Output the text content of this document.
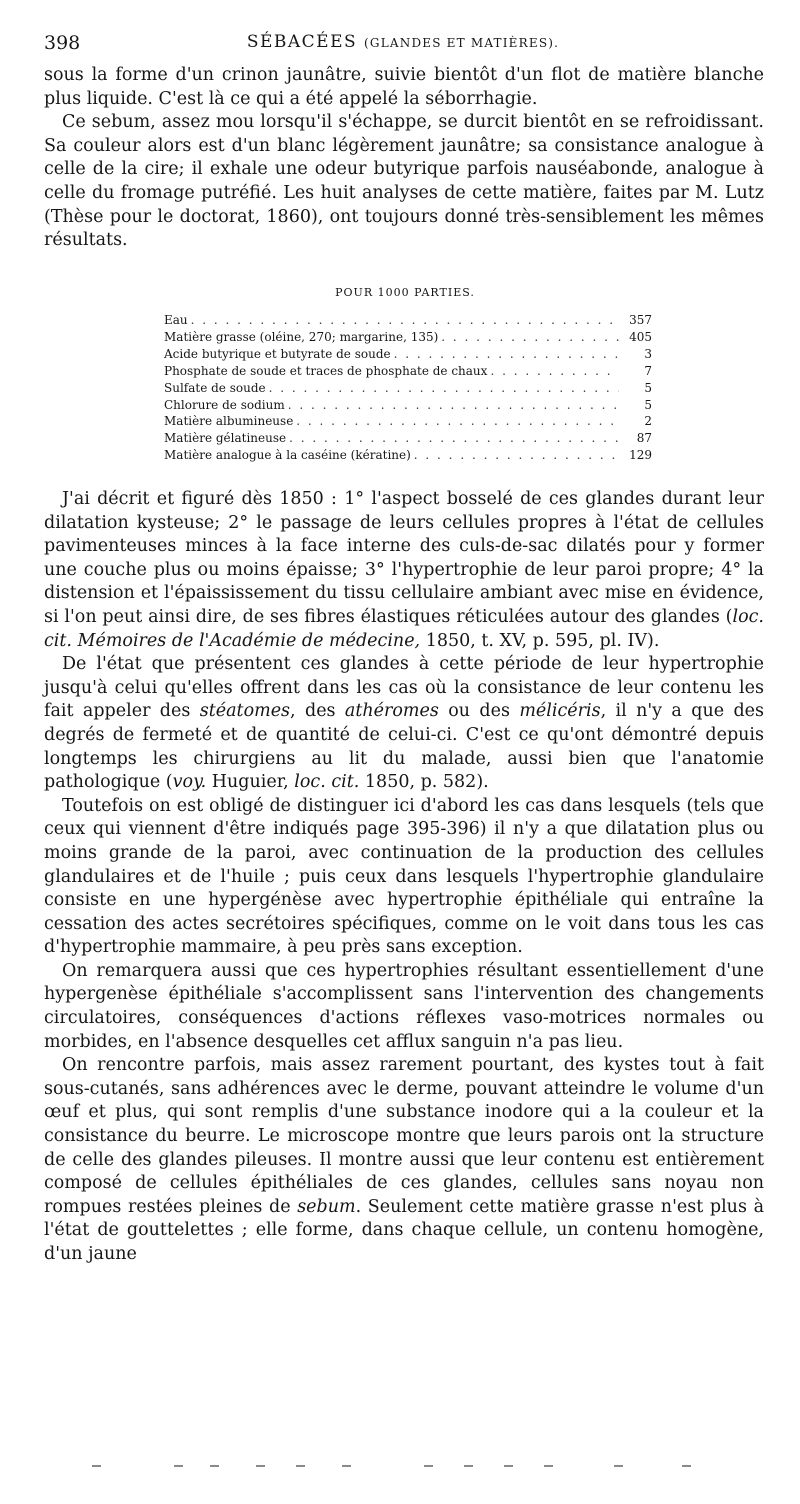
398	SÉBACÉES (GLANDES ET MATIÈRES).

sous la forme d'un crinon jaunâtre, suivie bientôt d'un flot de matière blanche plus liquide. C'est là ce qui a été appelé la séborrhagie.

Ce sebum, assez mou lorsqu'il s'échappe, se durcit bientôt en se refroidissant. Sa couleur alors est d'un blanc légèrement jaunâtre; sa consistance analogue à celle de la cire; il exhale une odeur butyrique parfois nauséabonde, analogue à celle du fromage putréfié. Les huit analyses de cette matière, faites par M. Lutz (Thèse pour le doctorat, 1860), ont toujours donné très-sensiblement les mêmes résultats.

POUR 1000 PARTIES.
Eau . . .	357
Matière grasse (oléine, 270; margarine, 135) . . .	405
Acide butyrique et butyrate de soude . . .	3
Phosphate de soude et traces de phosphate de chaux . . .	7
Sulfate de soude . . .	5
Chlorure de sodium . . .	5
Matière albumineuse . . .	2
Matière gélatineuse . . .	87
Matière analogue à la caséine (kératine) . . .	129

J'ai décrit et figuré dès 1850 : 1° l'aspect bosselé de ces glandes durant leur dilatation kysteuse; 2° le passage de leurs cellules propres à l'état de cellules pavimenteuses minces à la face interne des culs-de-sac dilatés pour y former une couche plus ou moins épaisse; 3° l'hypertrophie de leur paroi propre; 4° la distension et l'épaississement du tissu cellulaire ambiant avec mise en évidence, si l'on peut ainsi dire, de ses fibres élastiques réticulées autour des glandes (loc. cit. Mémoires de l'Académie de médecine, 1850, t. XV, p. 595, pl. IV).

De l'état que présentent ces glandes à cette période de leur hypertrophie jusqu'à celui qu'elles offrent dans les cas où la consistance de leur contenu les fait appeler des stéatomes, des athéromes ou des mélicéris, il n'y a que des degrés de fermeté et de quantité de celui-ci. C'est ce qu'ont démontré depuis longtemps les chirurgiens au lit du malade, aussi bien que l'anatomie pathologique (voy. Huguier, loc. cit. 1850, p. 582).

Toutefois on est obligé de distinguer ici d'abord les cas dans lesquels (tels que ceux qui viennent d'être indiqués page 395-396) il n'y a que dilatation plus ou moins grande de la paroi, avec continuation de la production des cellules glandulaires et de l'huile ; puis ceux dans lesquels l'hypertrophie glandulaire consiste en une hypergénèse avec hypertrophie épithéliale qui entraîne la cessation des actes secrétoires spécifiques, comme on le voit dans tous les cas d'hypertrophie mammaire, à peu près sans exception.

On remarquera aussi que ces hypertrophies résultant essentiellement d'une hypergenèse épithéliale s'accomplissent sans l'intervention des changements circulatoires, conséquences d'actions réflexes vaso-motrices normales ou morbides, en l'absence desquelles cet afflux sanguin n'a pas lieu.

On rencontre parfois, mais assez rarement pourtant, des kystes tout à fait sous-cutanés, sans adhérences avec le derme, pouvant atteindre le volume d'un œuf et plus, qui sont remplis d'une substance inodore qui a la couleur et la consistance du beurre. Le microscope montre que leurs parois ont la structure de celle des glandes pileuses. Il montre aussi que leur contenu est entièrement composé de cellules épithéliales de ces glandes, cellules sans noyau non rompues restées pleines de sebum. Seulement cette matière grasse n'est plus à l'état de gouttelettes ; elle forme, dans chaque cellule, un contenu homogène, d'un jaune
